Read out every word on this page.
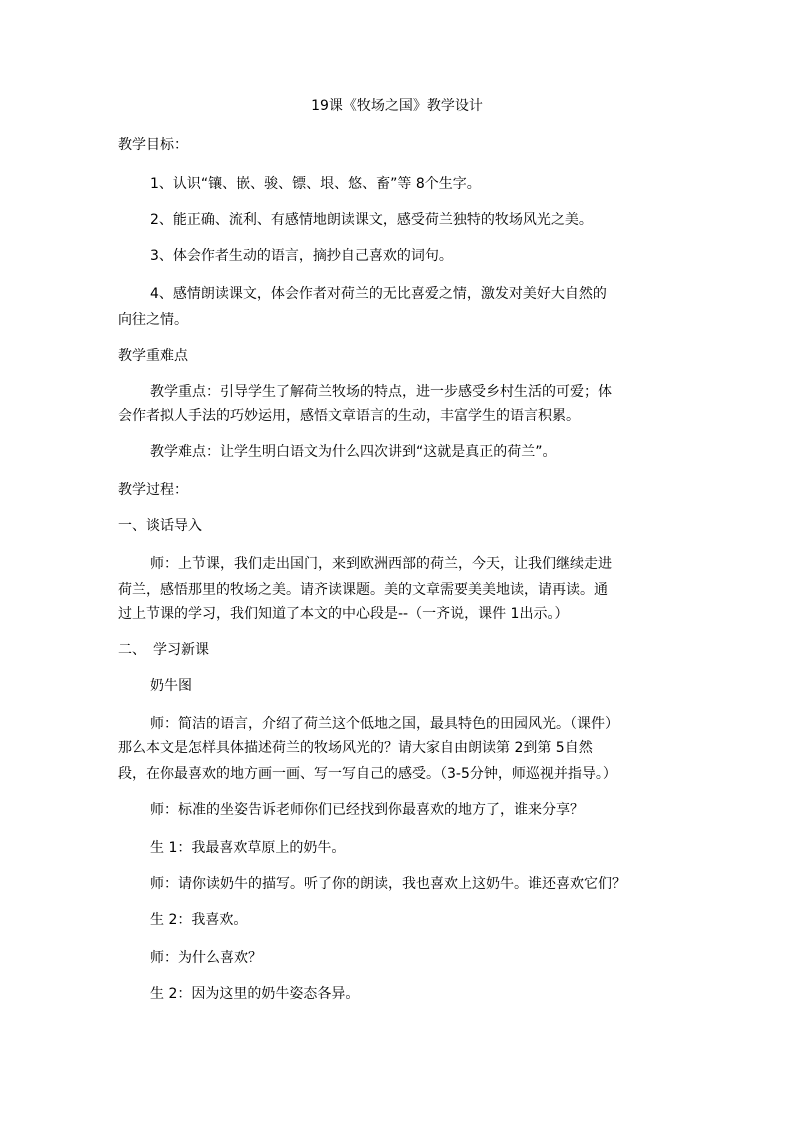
19课《牧场之国》教学设计
教学目标：
1、认识“镶、嵌、骏、镖、垠、悠、畜”等 8个生字。
2、能正确、流利、有感情地朗读课文，感受荷兰独特的牧场风光之美。
3、体会作者生动的语言，摘抄自己喜欢的词句。
4、感情朗读课文，体会作者对荷兰的无比喜爱之情，激发对美好大自然的
向往之情。
教学重难点
教学重点：引导学生了解荷兰牧场的特点，进一步感受乡村生活的可爱；体
会作者拟人手法的巧妙运用，感悟文章语言的生动，丰富学生的语言积累。
教学难点：让学生明白语文为什么四次讲到“这就是真正的荷兰”。
教学过程：
一、谈话导入
师：上节课，我们走出国门，来到欧洲西部的荷兰，今天，让我们继续走进
荷兰，感悟那里的牧场之美。请齐读课题。美的文章需要美美地读，请再读。通
过上节课的学习，我们知道了本文的中心段是--（一齐说，课件 1出示。）
二、　学习新课
奶牛图
师：简洁的语言，介绍了荷兰这个低地之国，最具特色的田园风光。（课件）
那么本文是怎样具体描述荷兰的牧场风光的？请大家自由朗读第 2到第 5自然
段，在你最喜欢的地方画一画、写一写自己的感受。（3-5分钟，师巡视并指导。）
师：标准的坐姿告诉老师你们已经找到你最喜欢的地方了，谁来分享？
生 1：我最喜欢草原上的奶牛。
师：请你读奶牛的描写。听了你的朗读，我也喜欢上这奶牛。谁还喜欢它们？
生 2：我喜欢。
师：为什么喜欢？
生 2：因为这里的奶牛姿态各异。
